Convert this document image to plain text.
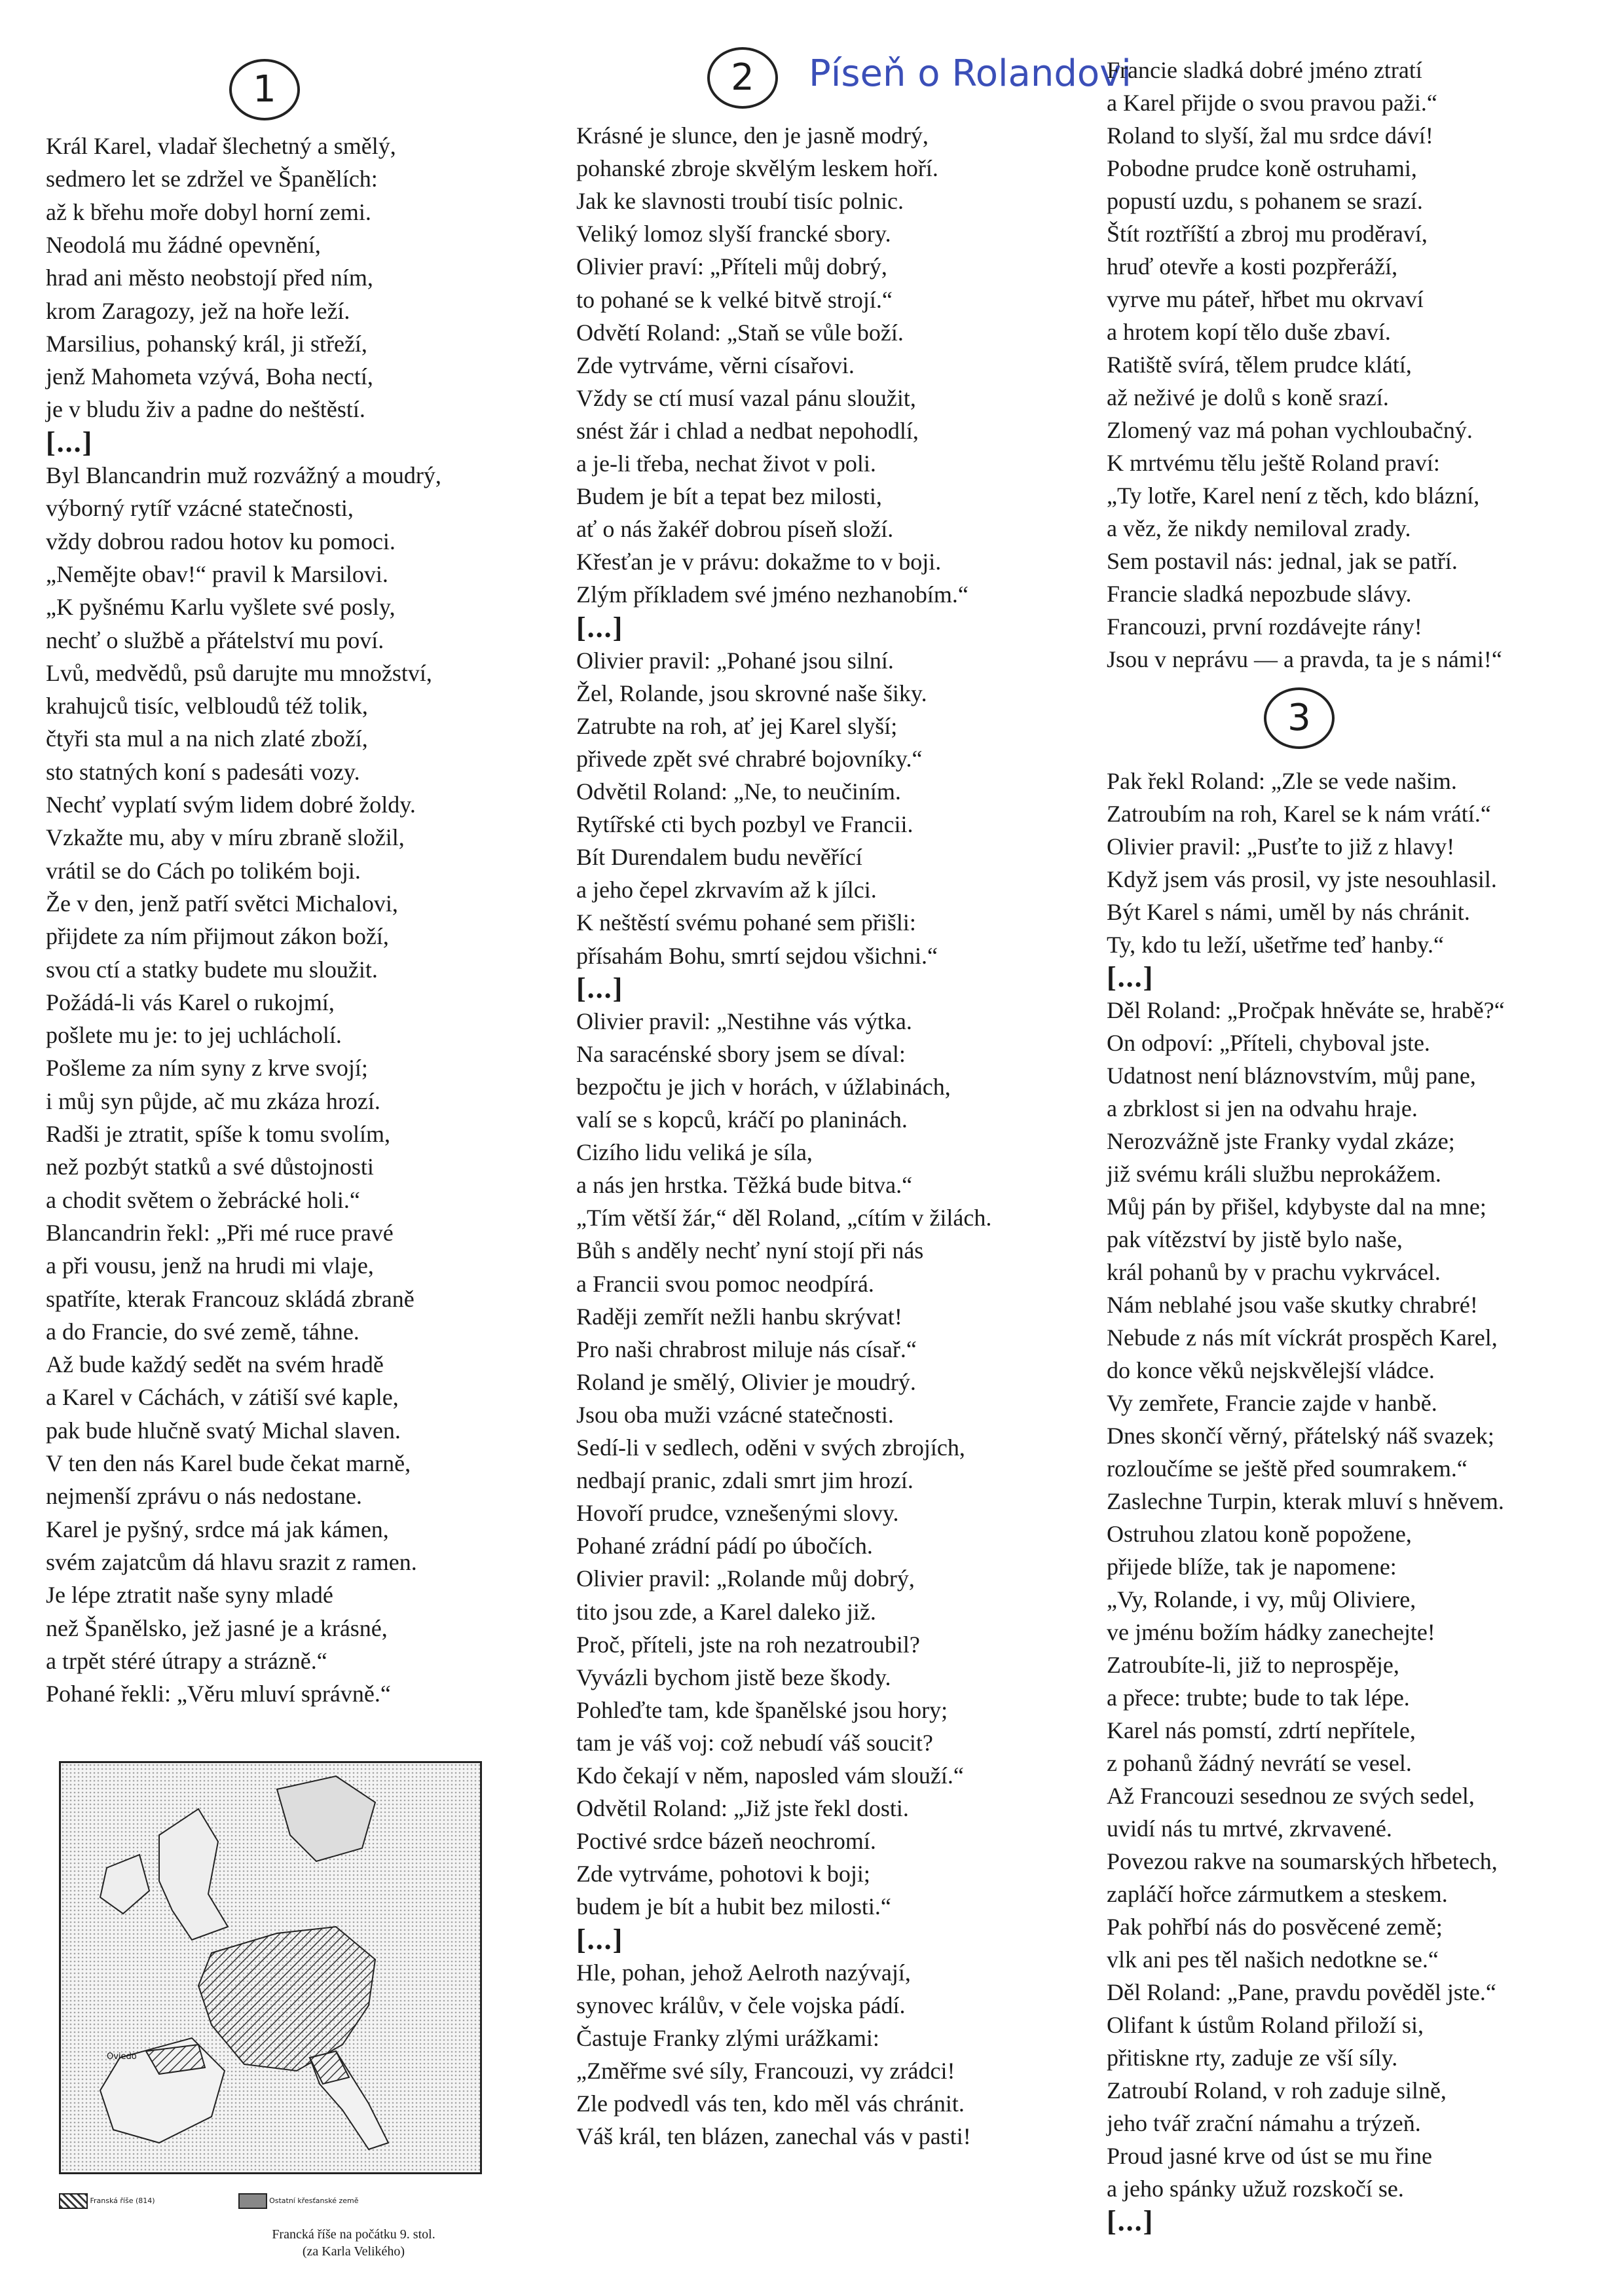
1	2	Píseň o Rolandovi
3
Král Karel, vladař šlechetný a smělý,
sedmero let se zdržel ve Španělích:
až k břehu moře dobyl horní zemi.
Neodolá mu žádné opevnění,
hrad ani město neobstojí před ním,
krom Zaragozy, jež na hoře leží.
Marsilius, pohanský král, ji střeží,
jenž Mahometa vzývá, Boha nectí,
je v bludu živ a padne do neštěstí.
[...]
Byl Blancandrin muž rozvážný a moudrý,
výborný rytíř vzácné statečnosti,
vždy dobrou radou hotov ku pomoci.
„Nemějte obav!“ pravil k Marsilovi.
„K pyšnému Karlu vyšlete své posly,
nechť o službě a přátelství mu poví.
Lvů, medvědů, psů darujte mu množství,
krahujců tisíc, velbloudů též tolik,
čtyři sta mul a na nich zlaté zboží,
sto statných koní s padesáti vozy.
Nechť vyplatí svým lidem dobré žoldy.
Vzkažte mu, aby v míru zbraně složil,
vrátil se do Cách po tolikém boji.
Že v den, jenž patří světci Michalovi,
přijdete za ním přijmout zákon boží,
svou ctí a statky budete mu sloužit.
Požádá-li vás Karel o rukojmí,
pošlete mu je: to jej uchlácholí.
Pošleme za ním syny z krve svojí;
i můj syn půjde, ač mu zkáza hrozí.
Radši je ztratit, spíše k tomu svolím,
než pozbýt statků a své důstojnosti
a chodit světem o žebrácké holi.“
Blancandrin řekl: „Při mé ruce pravé
a při vousu, jenž na hrudi mi vlaje,
spatříte, kterak Francouz skládá zbraně
a do Francie, do své země, táhne.
Až bude každý sedět na svém hradě
a Karel v Cáchách, v zátiší své kaple,
pak bude hlučně svatý Michal slaven.
V ten den nás Karel bude čekat marně,
nejmenší zprávu o nás nedostane.
Karel je pyšný, srdce má jak kámen,
svém zajatcům dá hlavu srazit z ramen.
Je lépe ztratit naše syny mladé
než Španělsko, jež jasné je a krásné,
a trpět stéré útrapy a strázně.“
Pohané řekli: „Věru mluví správně.“
Krásné je slunce, den je jasně modrý,
pohanské zbroje skvělým leskem hoří.
Jak ke slavnosti troubí tisíc polnic.
Veliký lomoz slyší francké sbory.
Olivier praví: „Příteli můj dobrý,
to pohané se k velké bitvě strojí.“
Odvětí Roland: „Staň se vůle boží.
Zde vytrváme, věrni císařovi.
Vždy se ctí musí vazal pánu sloužit,
snést žár i chlad a nedbat nepohodlí,
a je-li třeba, nechat život v poli.
Budem je bít a tepat bez milosti,
ať o nás žakéř dobrou píseň složí.
Křesťan je v právu: dokažme to v boji.
Zlým příkladem své jméno nezhanobím.“
[...]
Olivier pravil: „Pohané jsou silní.
Žel, Rolande, jsou skrovné naše šiky.
Zatrubte na roh, ať jej Karel slyší;
přivede zpět své chrabré bojovníky.“
Odvětil Roland: „Ne, to neučiním.
Rytířské cti bych pozbyl ve Francii.
Bít Durendalem budu nevěřící
a jeho čepel zkrvavím až k jílci.
K neštěstí svému pohané sem přišli:
přísahám Bohu, smrtí sejdou všichni.“
[...]
Olivier pravil: „Nestihne vás výtka.
Na saracénské sbory jsem se díval:
bezpočtu je jich v horách, v úžlabinách,
valí se s kopců, kráčí po planinách.
Cizího lidu veliká je síla,
a nás jen hrstka. Těžká bude bitva.“
„Tím větší žár,“ děl Roland, „cítím v žilách.
Bůh s anděly nechť nyní stojí při nás
a Francii svou pomoc neodpírá.
Raději zemřít nežli hanbu skrývat!
Pro naši chrabrost miluje nás císař.“
Roland je smělý, Olivier je moudrý.
Jsou oba muži vzácné statečnosti.
Sedí-li v sedlech, oděni v svých zbrojích,
nedbají pranic, zdali smrt jim hrozí.
Hovoří prudce, vznešenými slovy.
Pohané zrádní pádí po úbočích.
Olivier pravil: „Rolande můj dobrý,
tito jsou zde, a Karel daleko již.
Proč, příteli, jste na roh nezatroubil?
Vyvázli bychom jistě beze škody.
Pohleďte tam, kde španělské jsou hory;
tam je váš voj: což nebudí váš soucit?
Kdo čekají v něm, naposled vám slouží.“
Odvětil Roland: „Již jste řekl dosti.
Poctivé srdce bázeň neochromí.
Zde vytrváme, pohotovi k boji;
budem je bít a hubit bez milosti.“
[...]
Hle, pohan, jehož Aelroth nazývají,
synovec králův, v čele vojska pádí.
Častuje Franky zlými urážkami:
„Změřme své síly, Francouzi, vy zrádci!
Zle podvedl vás ten, kdo měl vás chránit.
Váš král, ten blázen, zanechal vás v pasti!
Francie sladká dobré jméno ztratí
a Karel přijde o svou pravou paži.“
Roland to slyší, žal mu srdce dáví!
Pobodne prudce koně ostruhami,
popustí uzdu, s pohanem se srazí.
Štít roztříští a zbroj mu proděraví,
hruď otevře a kosti pozpřeráží,
vyrve mu páteř, hřbet mu okrvaví
a hrotem kopí tělo duše zbaví.
Ratiště svírá, tělem prudce klátí,
až neživé je dolů s koně srazí.
Zlomený vaz má pohan vychloubačný.
K mrtvému tělu ještě Roland praví:
„Ty lotře, Karel není z těch, kdo blázní,
a věz, že nikdy nemiloval zrady.
Sem postavil nás: jednal, jak se patří.
Francie sladká nepozbude slávy.
Francouzi, první rozdávejte rány!
Jsou v neprávu — a pravda, ta je s námi!“
Pak řekl Roland: „Zle se vede našim.
Zatroubím na roh, Karel se k nám vrátí.“
Olivier pravil: „Pusťte to již z hlavy!
Když jsem vás prosil, vy jste nesouhlasil.
Být Karel s námi, uměl by nás chránit.
Ty, kdo tu leží, ušetřme teď hanby.“
[...]
Děl Roland: „Pročpak hněváte se, hrabě?“
On odpoví: „Příteli, chyboval jste.
Udatnost není bláznovstvím, můj pane,
a zbrklost si jen na odvahu hraje.
Nerozvážně jste Franky vydal zkáze;
již svému králi službu neprokážem.
Můj pán by přišel, kdybyste dal na mne;
pak vítězství by jistě bylo naše,
král pohanů by v prachu vykrvácel.
Nám neblahé jsou vaše skutky chrabré!
Nebude z nás mít víckrát prospěch Karel,
do konce věků nejskvělejší vládce.
Vy zemřete, Francie zajde v hanbě.
Dnes skončí věrný, přátelský náš svazek;
rozloučíme se ještě před soumrakem.“
Zaslechne Turpin, kterak mluví s hněvem.
Ostruhou zlatou koně popožene,
přijede blíže, tak je napomene:
„Vy, Rolande, i vy, můj Oliviere,
ve jménu božím hádky zanechejte!
Zatroubíte-li, již to neprospěje,
a přece: trubte; bude to tak lépe.
Karel nás pomstí, zdrtí nepřítele,
z pohanů žádný nevrátí se vesel.
Až Francouzi sesednou ze svých sedel,
uvidí nás tu mrtvé, zkrvavené.
Povezou rakve na soumarských hřbetech,
zapláčí hořce zármutkem a steskem.
Pak pohřbí nás do posvěcené země;
vlk ani pes těl našich nedotkne se.“
Děl Roland: „Pane, pravdu pověděl jste.“
Olifant k ústům Roland přiloží si,
přitiskne rty, zaduje ze vší síly.
Zatroubí Roland, v roh zaduje silně,
jeho tvář zrační námahu a trýzeň.
Proud jasné krve od úst se mu řine
a jeho spánky užuž rozskočí se.
[...]
Oviedo
Franská říše (814)	Ostatní křesťanské země
Francká říše na počátku 9. stol.
(za Karla Velikého)
